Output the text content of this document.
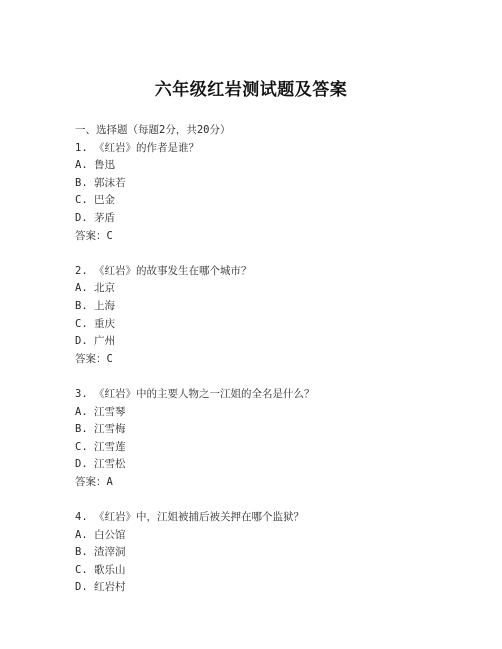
六年级红岩测试题及答案
一、选择题（每题2分，共20分）
1. 《红岩》的作者是谁？
A. 鲁迅
B. 郭沫若
C. 巴金
D. 茅盾
答案：C
2. 《红岩》的故事发生在哪个城市？
A. 北京
B. 上海
C. 重庆
D. 广州
答案：C
3. 《红岩》中的主要人物之一江姐的全名是什么？
A. 江雪琴
B. 江雪梅
C. 江雪莲
D. 江雪松
答案：A
4. 《红岩》中，江姐被捕后被关押在哪个监狱？
A. 白公馆
B. 渣滓洞
C. 歌乐山
D. 红岩村
